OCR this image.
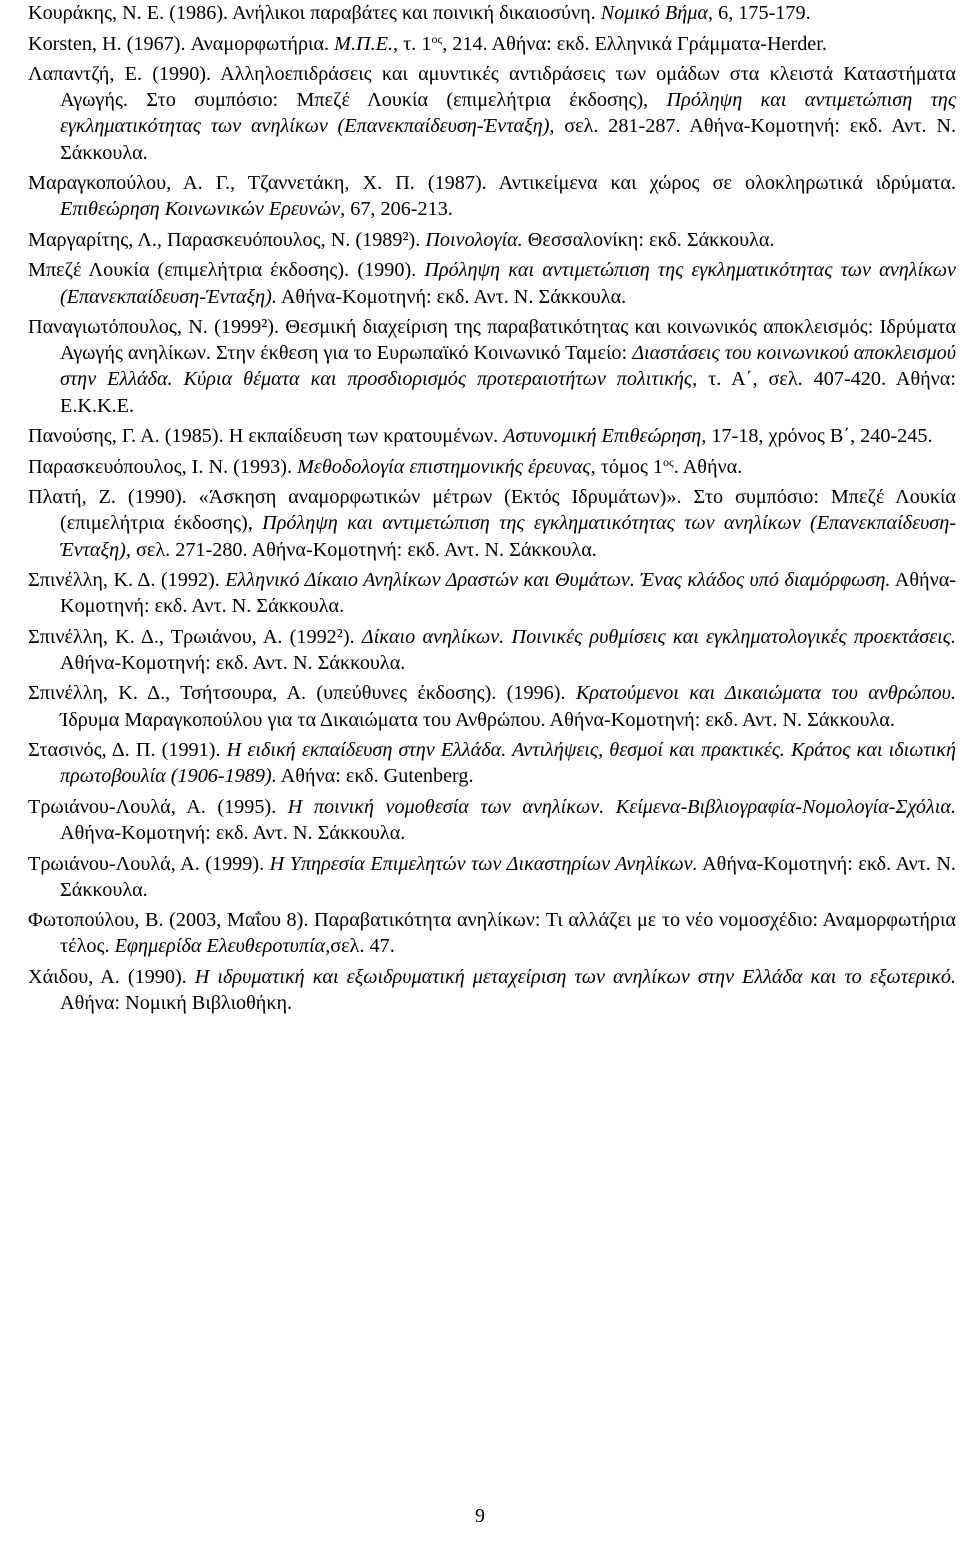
Κουράκης, Ν. Ε. (1986). Ανήλικοι παραβάτες και ποινική δικαιοσύνη. Νομικό Βήμα, 6, 175-179.

Korsten, H. (1967). Αναμορφωτήρια. Μ.Π.Ε., τ. $1^{o\varsigma}$, 214. Αθήνα: εκδ. Ελληνικά Γράμματα-Herder.

Λαπαντζή, Ε. (1990). Αλληλοεπιδράσεις και αμυντικές αντιδράσεις των ομάδων στα κλειστά Καταστήματα Αγωγής. Στο συμπόσιο: Μπεζέ Λουκία (επιμελήτρια έκδοσης), Πρόληψη και αντιμετώπιση της εγκληματικότητας των ανηλίκων (Επανεκπαίδευση-Ένταξη), σελ. 281-287. Αθήνα-Κομοτηνή: εκδ. Αντ. Ν. Σάκκουλα.

Μαραγκοπούλου, Α. Γ., Τζαννετάκη, Χ. Π. (1987). Αντικείμενα και χώρος σε ολοκληρωτικά ιδρύματα. Επιθεώρηση Κοινωνικών Ερευνών, 67, 206-213.

Μαργαρίτης, Λ., Παρασκευόπουλος, Ν. (1989²). Ποινολογία. Θεσσαλονίκη: εκδ. Σάκκουλα.

Μπεζέ Λουκία (επιμελήτρια έκδοσης). (1990). Πρόληψη και αντιμετώπιση της εγκληματικότητας των ανηλίκων (Επανεκπαίδευση-Ένταξη). Αθήνα-Κομοτηνή: εκδ. Αντ. Ν. Σάκκουλα.

Παναγιωτόπουλος, Ν. (1999²). Θεσμική διαχείριση της παραβατικότητας και κοινωνικός αποκλεισμός: Ιδρύματα Αγωγής ανηλίκων. Στην έκθεση για το Ευρωπαϊκό Κοινωνικό Ταμείο: Διαστάσεις του κοινωνικού αποκλεισμού στην Ελλάδα. Κύρια θέματα και προσδιορισμός προτεραιοτήτων πολιτικής, τ. Α΄, σελ. 407-420. Αθήνα: Ε.Κ.Κ.Ε.

Πανούσης, Γ. Α. (1985). Η εκπαίδευση των κρατουμένων. Αστυνομική Επιθεώρηση, 17-18, χρόνος Β΄, 240-245.

Παρασκευόπουλος, Ι. Ν. (1993). Μεθοδολογία επιστημονικής έρευνας, τόμος $1^{o\varsigma}$. Αθήνα.

Πλατή, Ζ. (1990). «Άσκηση αναμορφωτικών μέτρων (Εκτός Ιδρυμάτων)». Στο συμπόσιο: Μπεζέ Λουκία (επιμελήτρια έκδοσης), Πρόληψη και αντιμετώπιση της εγκληματικότητας των ανηλίκων (Επανεκπαίδευση-Ένταξη), σελ. 271-280. Αθήνα-Κομοτηνή: εκδ. Αντ. Ν. Σάκκουλα.

Σπινέλλη, Κ. Δ. (1992). Ελληνικό Δίκαιο Ανηλίκων Δραστών και Θυμάτων. Ένας κλάδος υπό διαμόρφωση. Αθήνα-Κομοτηνή: εκδ. Αντ. Ν. Σάκκουλα.

Σπινέλλη, Κ. Δ., Τρωιάνου, Α. (1992²). Δίκαιο ανηλίκων. Ποινικές ρυθμίσεις και εγκληματολογικές προεκτάσεις. Αθήνα-Κομοτηνή: εκδ. Αντ. Ν. Σάκκουλα.

Σπινέλλη, Κ. Δ., Τσήτσουρα, Α. (υπεύθυνες έκδοσης). (1996). Κρατούμενοι και Δικαιώματα του ανθρώπου. Ίδρυμα Μαραγκοπούλου για τα Δικαιώματα του Ανθρώπου. Αθήνα-Κομοτηνή: εκδ. Αντ. Ν. Σάκκουλα.

Στασινός, Δ. Π. (1991). Η ειδική εκπαίδευση στην Ελλάδα. Αντιλήψεις, θεσμοί και πρακτικές. Κράτος και ιδιωτική πρωτοβουλία (1906-1989). Αθήνα: εκδ. Gutenberg.

Τρωιάνου-Λουλά, Α. (1995). Η ποινική νομοθεσία των ανηλίκων. Κείμενα-Βιβλιογραφία-Νομολογία-Σχόλια. Αθήνα-Κομοτηνή: εκδ. Αντ. Ν. Σάκκουλα.

Τρωιάνου-Λουλά, Α. (1999). Η Υπηρεσία Επιμελητών των Δικαστηρίων Ανηλίκων. Αθήνα-Κομοτηνή: εκδ. Αντ. Ν. Σάκκουλα.

Φωτοπούλου, Β. (2003, Μαΐου 8). Παραβατικότητα ανηλίκων: Τι αλλάζει με το νέο νομοσχέδιο: Αναμορφωτήρια τέλος. Εφημερίδα Ελευθεροτυπία,σελ. 47.

Χάιδου, Α. (1990). Η ιδρυματική και εξωιδρυματική μεταχείριση των ανηλίκων στην Ελλάδα και το εξωτερικό. Αθήνα: Νομική Βιβλιοθήκη.

9
